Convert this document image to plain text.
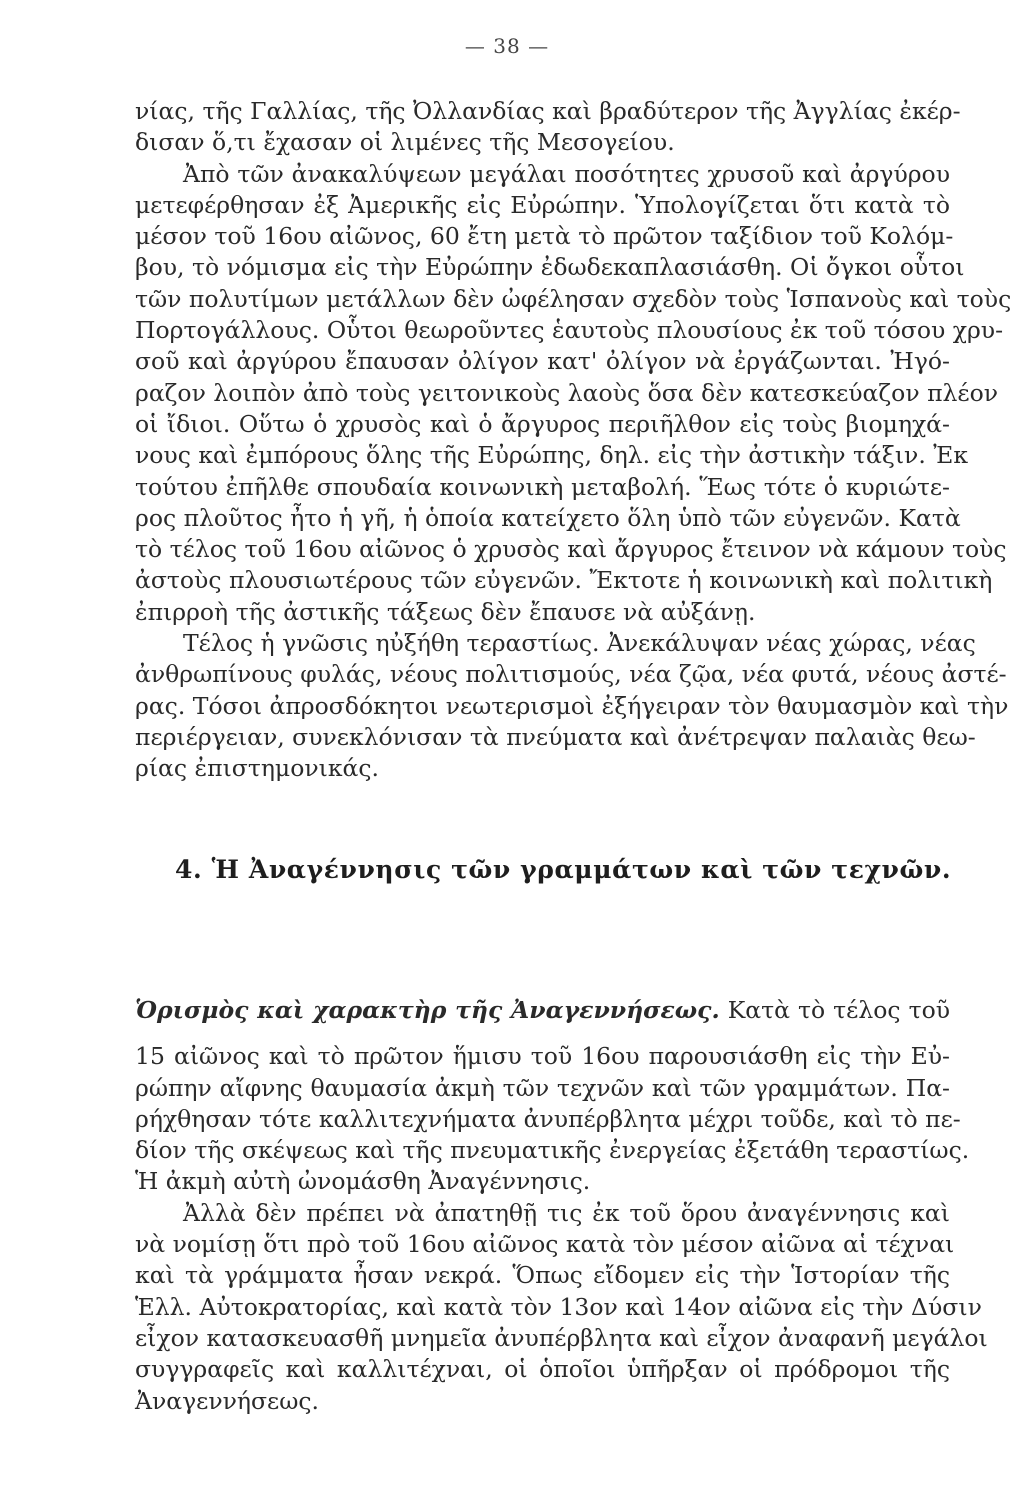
— 38 —
νίας, τῆς Γαλλίας, τῆς Ὀλλανδίας καὶ βραδύτερον τῆς Ἀγγλίας ἐκέρ-
δισαν ὅ,τι ἔχασαν οἱ λιμένες τῆς Μεσογείου.
Ἀπὸ τῶν ἀνακαλύψεων μεγάλαι ποσότητες χρυσοῦ καὶ ἀργύρου
μετεφέρθησαν ἐξ Ἀμερικῆς εἰς Εὐρώπην. Ὑπολογίζεται ὅτι κατὰ τὸ
μέσον τοῦ 16ου αἰῶνος, 60 ἔτη μετὰ τὸ πρῶτον ταξίδιον τοῦ Κολόμ-
βου, τὸ νόμισμα εἰς τὴν Εὐρώπην ἐδωδεκαπλασιάσθη. Οἱ ὄγκοι οὗτοι
τῶν πολυτίμων μετάλλων δὲν ὠφέλησαν σχεδὸν τοὺς Ἱσπανοὺς καὶ τοὺς
Πορτογάλλους. Οὗτοι θεωροῦντες ἑαυτοὺς πλουσίους ἐκ τοῦ τόσου χρυ-
σοῦ καὶ ἀργύρου ἔπαυσαν ὀλίγον κατ' ὀλίγον νὰ ἐργάζωνται. Ἠγό-
ραζον λοιπὸν ἀπὸ τοὺς γειτονικοὺς λαοὺς ὅσα δὲν κατεσκεύαζον πλέον
οἱ ἴδιοι. Οὕτω ὁ χρυσὸς καὶ ὁ ἄργυρος περιῆλθον εἰς τοὺς βιομηχά-
νους καὶ ἐμπόρους ὅλης τῆς Εὐρώπης, δηλ. εἰς τὴν ἀστικὴν τάξιν. Ἐκ
τούτου ἐπῆλθε σπουδαία κοινωνικὴ μεταβολή. Ἕως τότε ὁ κυριώτε-
ρος πλοῦτος ἦτο ἡ γῆ, ἡ ὁποία κατείχετο ὅλη ὑπὸ τῶν εὐγενῶν. Κατὰ
τὸ τέλος τοῦ 16ου αἰῶνος ὁ χρυσὸς καὶ ἄργυρος ἔτεινον νὰ κάμουν τοὺς
ἀστοὺς πλουσιωτέρους τῶν εὐγενῶν. Ἔκτοτε ἡ κοινωνικὴ καὶ πολιτικὴ
ἐπιρροὴ τῆς ἀστικῆς τάξεως δὲν ἔπαυσε νὰ αὐξάνῃ.
Τέλος ἡ γνῶσις ηὐξήθη τεραστίως. Ἀνεκάλυψαν νέας χώρας, νέας
ἀνθρωπίνους φυλάς, νέους πολιτισμούς, νέα ζῷα, νέα φυτά, νέους ἀστέ-
ρας. Τόσοι ἀπροσδόκητοι νεωτερισμοὶ ἐξήγειραν τὸν θαυμασμὸν καὶ τὴν
περιέργειαν, συνεκλόνισαν τὰ πνεύματα καὶ ἀνέτρεψαν παλαιὰς θεω-
ρίας ἐπιστημονικάς.
4. Ἡ Ἀναγέννησις τῶν γραμμάτων καὶ τῶν τεχνῶν.
Ὁρισμὸς καὶ χαρακτὴρ τῆς Ἀναγεννήσεως. Κατὰ τὸ τέλος τοῦ
15 αἰῶνος καὶ τὸ πρῶτον ἥμισυ τοῦ 16ου παρουσιάσθη εἰς τὴν Εὐ-
ρώπην αἴφνης θαυμασία ἀκμὴ τῶν τεχνῶν καὶ τῶν γραμμάτων. Πα-
ρήχθησαν τότε καλλιτεχνήματα ἀνυπέρβλητα μέχρι τοῦδε, καὶ τὸ πε-
δίον τῆς σκέψεως καὶ τῆς πνευματικῆς ἐνεργείας ἐξετάθη τεραστίως.
Ἡ ἀκμὴ αὐτὴ ὠνομάσθη Ἀναγέννησις.
Ἀλλὰ δὲν πρέπει νὰ ἀπατηθῇ τις ἐκ τοῦ ὅρου ἀναγέννησις καὶ
νὰ νομίσῃ ὅτι πρὸ τοῦ 16ου αἰῶνος κατὰ τὸν μέσον αἰῶνα αἱ τέχναι
καὶ τὰ γράμματα ἦσαν νεκρά. Ὅπως εἴδομεν εἰς τὴν Ἱστορίαν τῆς
Ἑλλ. Αὐτοκρατορίας, καὶ κατὰ τὸν 13ον καὶ 14ον αἰῶνα εἰς τὴν Δύσιν
εἶχον κατασκευασθῆ μνημεῖα ἀνυπέρβλητα καὶ εἶχον ἀναφανῆ μεγάλοι
συγγραφεῖς καὶ καλλιτέχναι, οἱ ὁποῖοι ὑπῆρξαν οἱ πρόδρομοι τῆς
Ἀναγεννήσεως.
